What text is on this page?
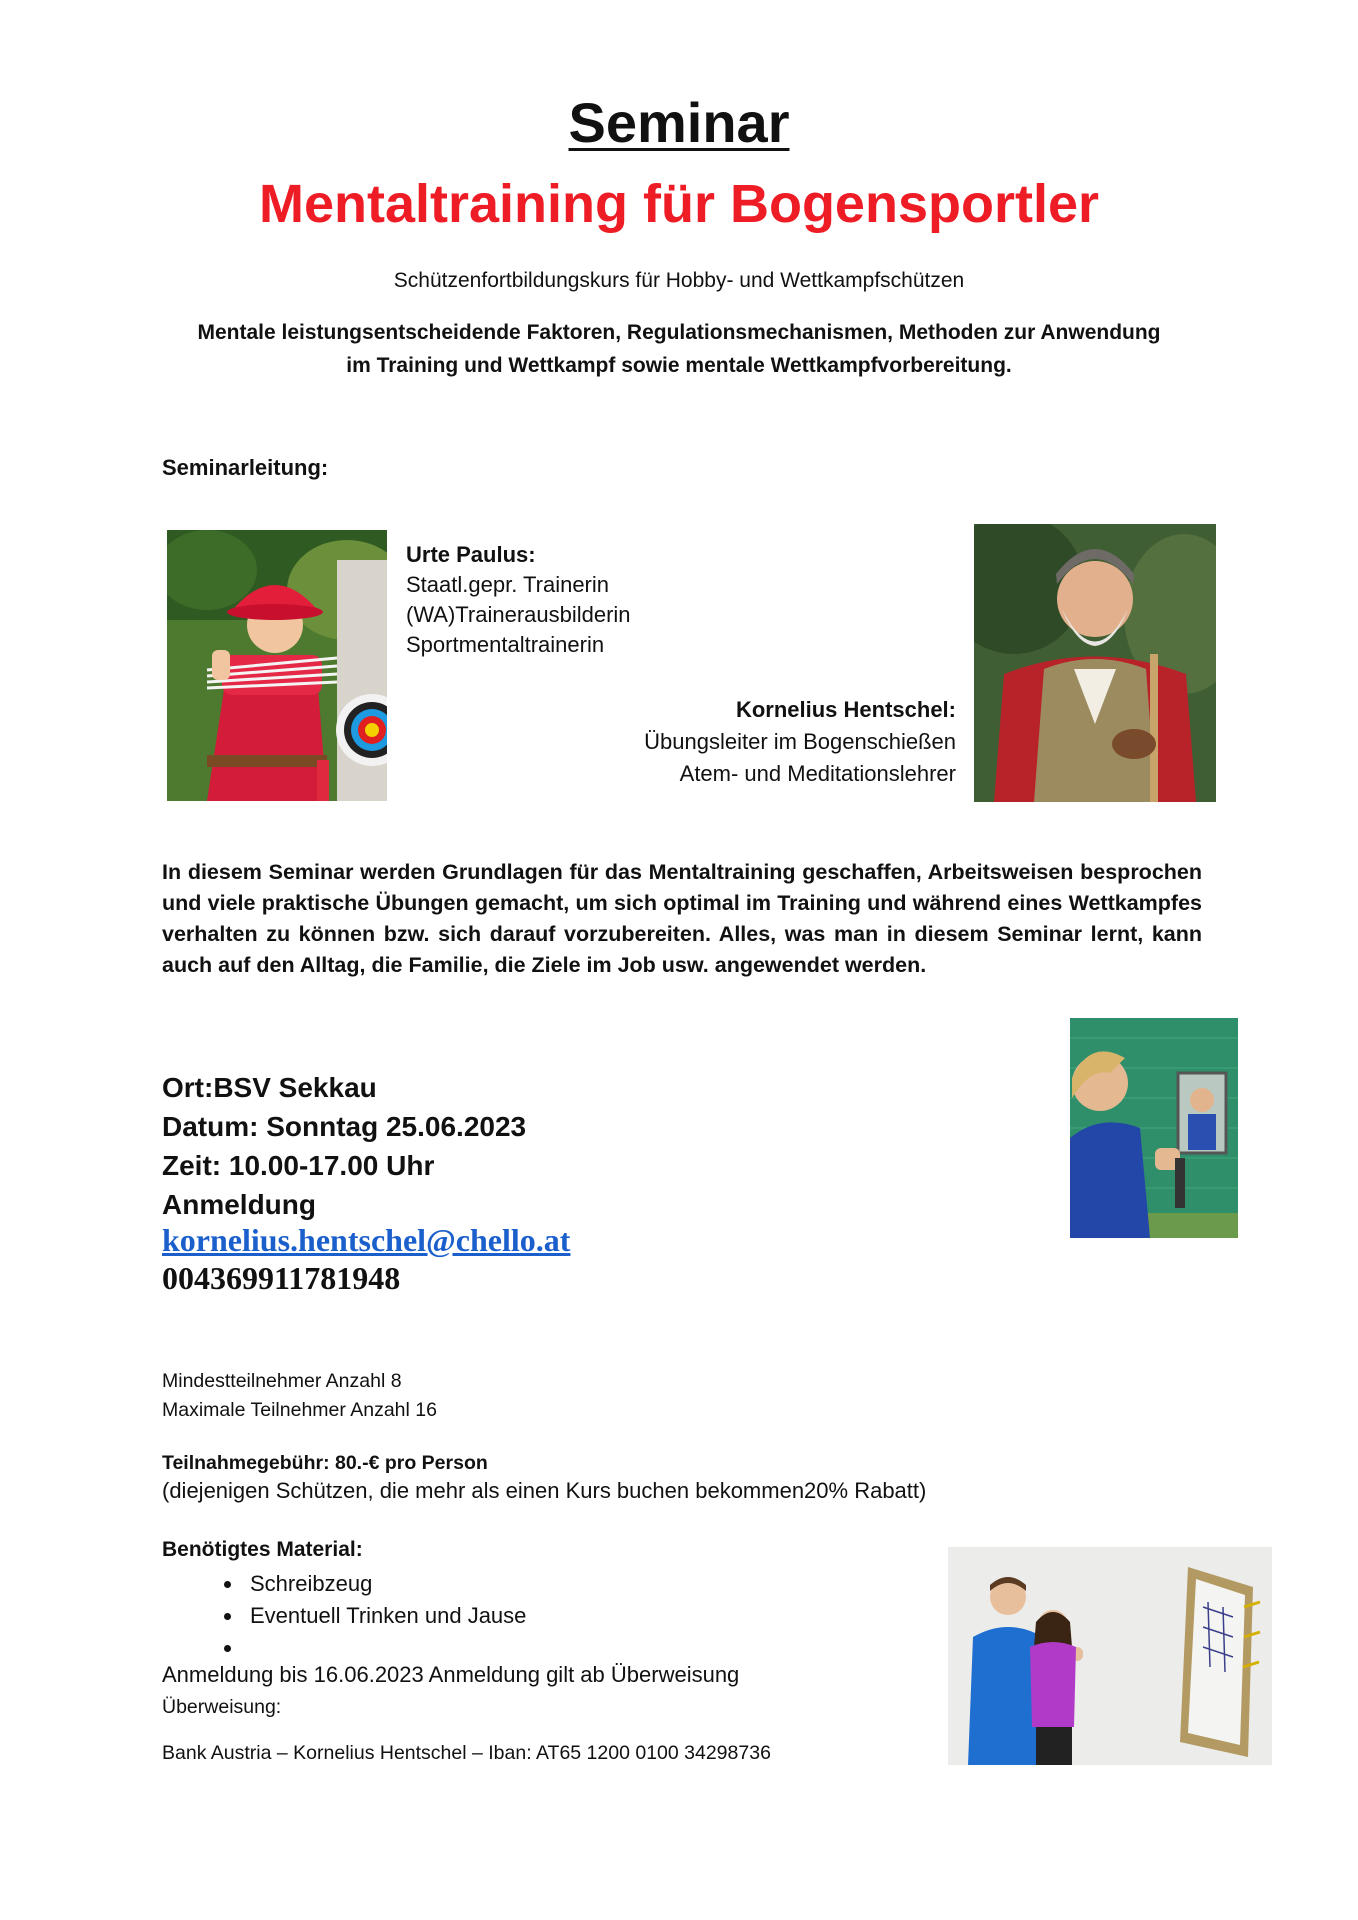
Seminar
Mentaltraining für Bogensportler
Schützenfortbildungskurs für Hobby- und Wettkampfschützen
Mentale leistungsentscheidende Faktoren, Regulationsmechanismen, Methoden zur Anwendung
im Training und Wettkampf sowie mentale Wettkampfvorbereitung.
Seminarleitung:
Urte Paulus:
Staatl.gepr. Trainerin
(WA)Trainerausbilderin
Sportmentaltrainerin
Kornelius Hentschel:
Übungsleiter im Bogenschießen
Atem- und Meditationslehrer
In diesem Seminar werden Grundlagen für das Mentaltraining geschaffen, Arbeitsweisen besprochen und viele praktische Übungen gemacht, um sich optimal im Training und während eines Wettkampfes verhalten zu können bzw. sich darauf vorzubereiten. Alles, was man in diesem Seminar lernt, kann auch auf den Alltag, die Familie, die Ziele im Job usw. angewendet werden.
Ort:BSV Sekkau
Datum: Sonntag 25.06.2023
Zeit: 10.00-17.00 Uhr
Anmeldung
kornelius.hentschel@chello.at
004369911781948
Mindestteilnehmer Anzahl 8
Maximale Teilnehmer Anzahl 16
Teilnahmegebühr: 80.-€ pro Person
(diejenigen Schützen, die mehr als einen Kurs buchen bekommen20% Rabatt)
Benötigtes Material:
• Schreibzeug
• Eventuell Trinken und Jause
•
Anmeldung bis 16.06.2023 Anmeldung gilt ab Überweisung
Überweisung:
Bank Austria – Kornelius Hentschel – Iban: AT65 1200 0100 34298736
